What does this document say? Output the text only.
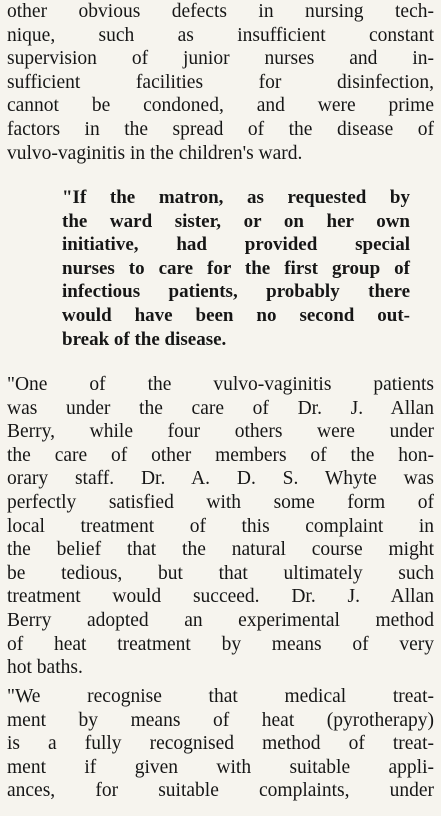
other obvious defects in nursing tech-
nique, such as insufficient constant
supervision of junior nurses and in-
sufficient facilities for disinfection,
cannot be condoned, and were prime
factors in the spread of the disease of
vulvo-vaginitis in the children's ward.

"If the matron, as requested by
the ward sister, or on her own
initiative, had provided special
nurses to care for the first group of
infectious patients, probably there
would have been no second out-
break of the disease.

"One of the vulvo-vaginitis patients
was under the care of Dr. J. Allan
Berry, while four others were under
the care of other members of the hon-
orary staff. Dr. A. D. S. Whyte was
perfectly satisfied with some form of
local treatment of this complaint in
the belief that the natural course might
be tedious, but that ultimately such
treatment would succeed. Dr. J. Allan
Berry adopted an experimental method
of heat treatment by means of very
hot baths.

"We recognise that medical treat-
ment by means of heat (pyrotherapy)
is a fully recognised method of treat-
ment if given with suitable appli-
ances, for suitable complaints, under
